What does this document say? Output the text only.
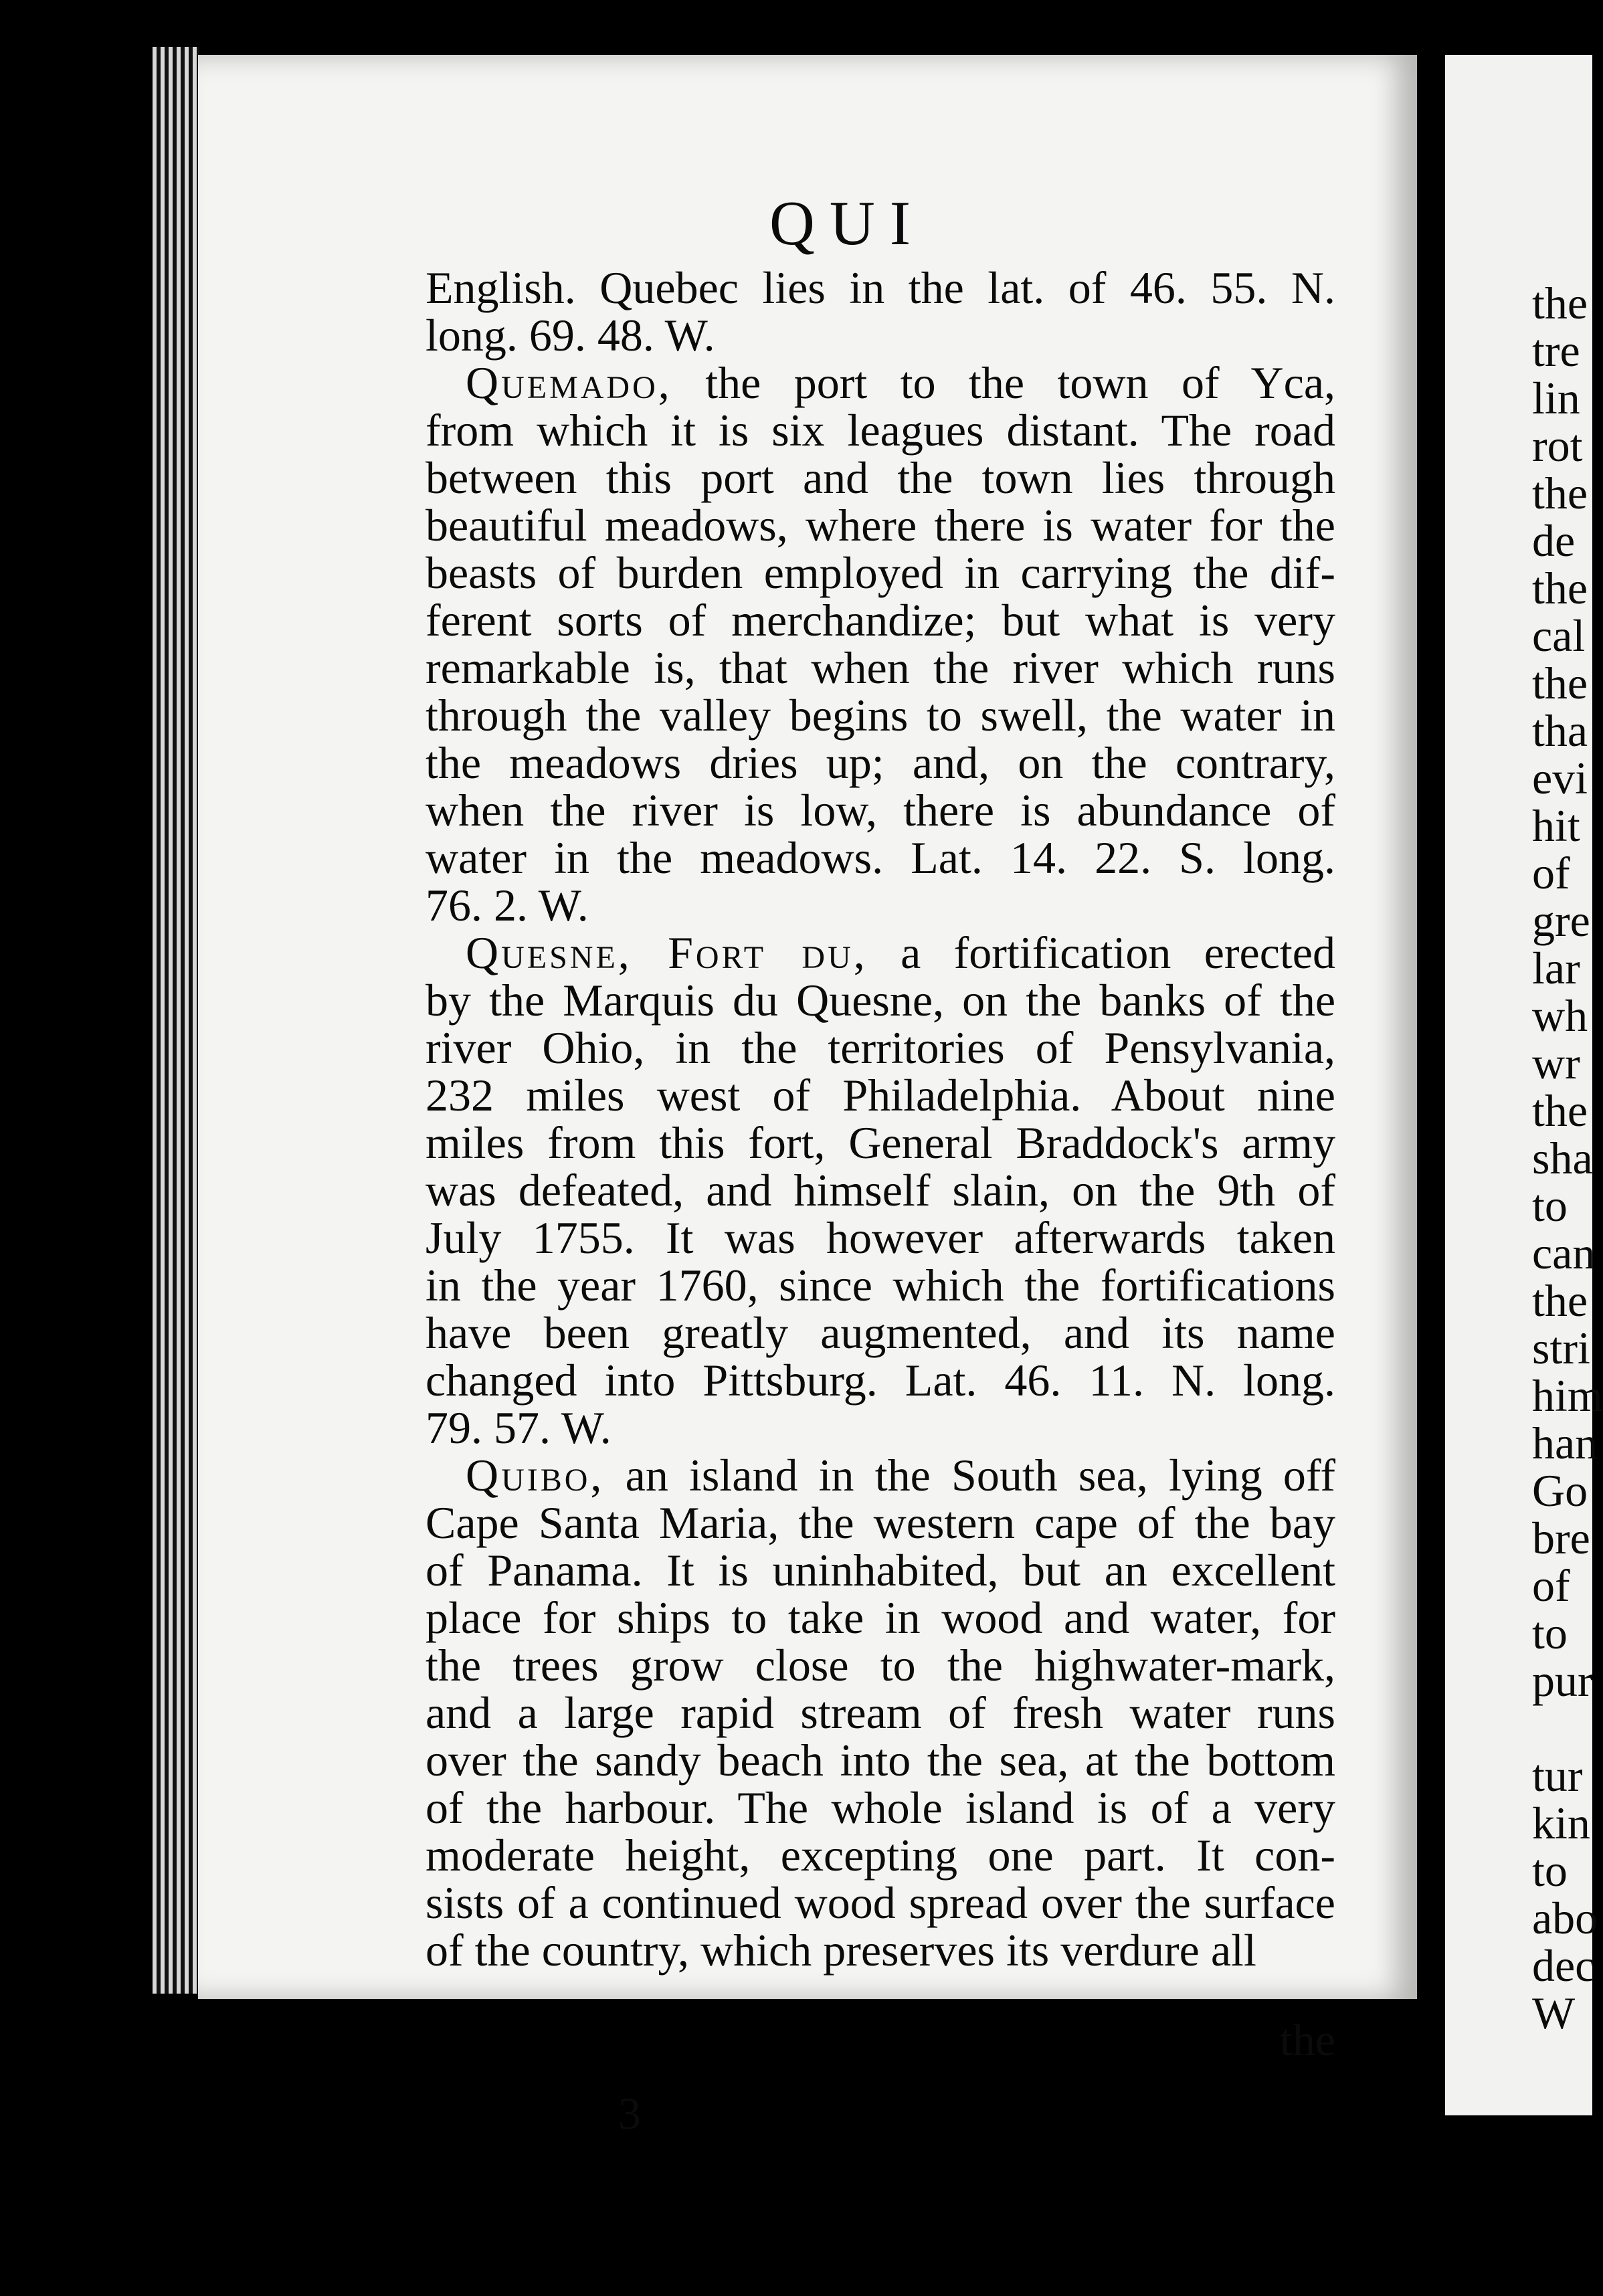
QUI
English. Quebec lies in the lat. of 46. 55. N.
long. 69. 48. W.
Quemado, the port to the town of Yca,
from which it is six leagues distant. The road
between this port and the town lies through
beautiful meadows, where there is water for the
beasts of burden employed in carrying the dif-
ferent sorts of merchandize; but what is very
remarkable is, that when the river which runs
through the valley begins to swell, the water in
the meadows dries up; and, on the contrary,
when the river is low, there is abundance of
water in the meadows. Lat. 14. 22. S. long.
76. 2. W.
Quesne, Fort du, a fortification erected
by the Marquis du Quesne, on the banks of the
river Ohio, in the territories of Pensylvania,
232 miles west of Philadelphia. About nine
miles from this fort, General Braddock's army
was defeated, and himself slain, on the 9th of
July 1755. It was however afterwards taken
in the year 1760, since which the fortifications
have been greatly augmented, and its name
changed into Pittsburg. Lat. 46. 11. N. long.
79. 57. W.
Quibo, an island in the South sea, lying off
Cape Santa Maria, the western cape of the bay
of Panama. It is uninhabited, but an excellent
place for ships to take in wood and water, for
the trees grow close to the highwater-mark,
and a large rapid stream of fresh water runs
over the sandy beach into the sea, at the bottom
of the harbour. The whole island is of a very
moderate height, excepting one part. It con-
sists of a continued wood spread over the surface
of the country, which preserves its verdure all
the
3
the
tre
lin
rot
the
de
the
cal
the
tha
evi
hit
of
gre
lar
wh
wr
the
sha
to
can
the
stri
him
han
Go
bre
of
to
pur
tur
kin
to
abo
dec
W
